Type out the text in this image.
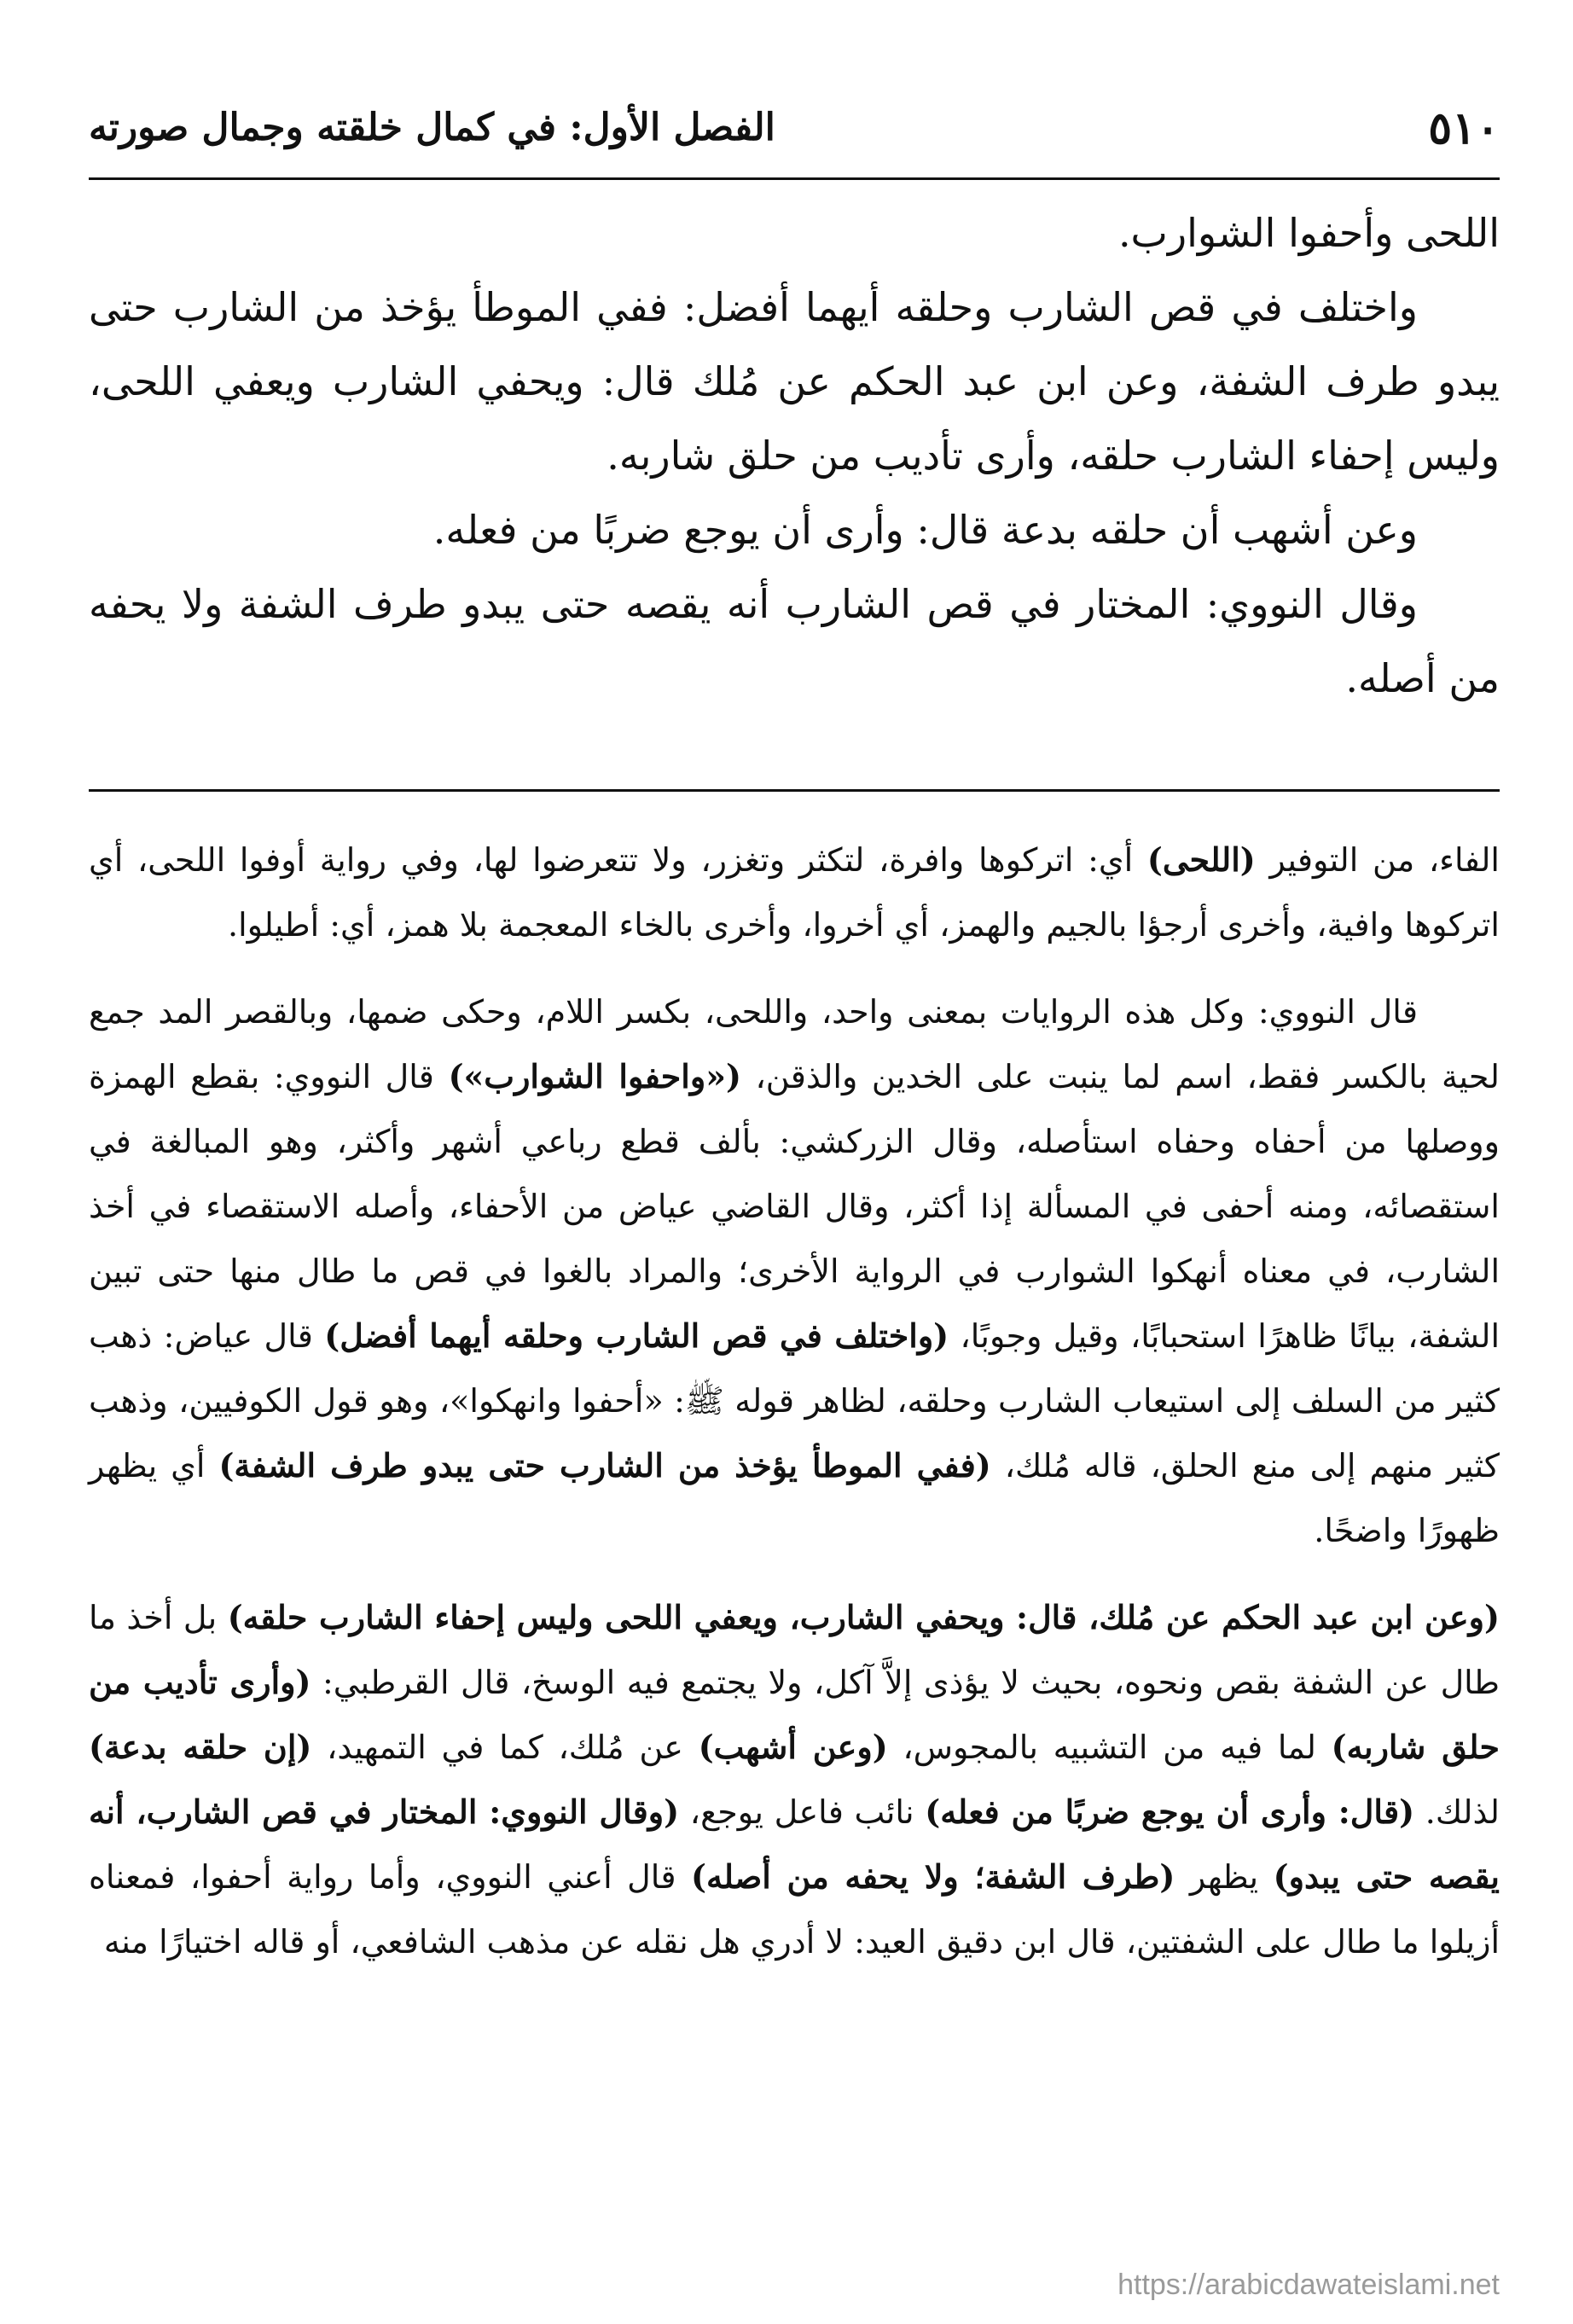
٥١٠
الفصل الأول: في كمال خلقته وجمال صورته

اللحى وأحفوا الشوارب.

واختلف في قص الشارب وحلقه أيهما أفضل: ففي الموطأ يؤخذ من الشارب حتى يبدو طرف الشفة، وعن ابن عبد الحكم عن مُلك قال: ويحفي الشارب ويعفي اللحى، وليس إحفاء الشارب حلقه، وأرى تأديب من حلق شاربه.

وعن أشهب أن حلقه بدعة قال: وأرى أن يوجع ضربًا من فعله.

وقال النووي: المختار في قص الشارب أنه يقصه حتى يبدو طرف الشفة ولا يحفه من أصله.

الفاء، من التوفير (اللحى) أي: اتركوها وافرة، لتكثر وتغزر، ولا تتعرضوا لها، وفي رواية أوفوا اللحى، أي اتركوها وافية، وأخرى أرجؤا بالجيم والهمز، أي أخروا، وأخرى بالخاء المعجمة بلا همز، أي: أطيلوا.

قال النووي: وكل هذه الروايات بمعنى واحد، واللحى، بكسر اللام، وحكى ضمها، وبالقصر المد جمع لحية بالكسر فقط، اسم لما ينبت على الخدين والذقن، («واحفوا الشوارب») قال النووي: بقطع الهمزة ووصلها من أحفاه وحفاه استأصله، وقال الزركشي: بألف قطع رباعي أشهر وأكثر، وهو المبالغة في استقصائه، ومنه أحفى في المسألة إذا أكثر، وقال القاضي عياض من الأحفاء، وأصله الاستقصاء في أخذ الشارب، في معناه أنهكوا الشوارب في الرواية الأخرى؛ والمراد بالغوا في قص ما طال منها حتى تبين الشفة، بيانًا ظاهرًا استحبابًا، وقيل وجوبًا، (واختلف في قص الشارب وحلقه أيهما أفضل) قال عياض: ذهب كثير من السلف إلى استيعاب الشارب وحلقه، لظاهر قوله ﷺ: «أحفوا وانهكوا»، وهو قول الكوفيين، وذهب كثير منهم إلى منع الحلق، قاله مُلك، (ففي الموطأ يؤخذ من الشارب حتى يبدو طرف الشفة) أي يظهر ظهورًا واضحًا.

(وعن ابن عبد الحكم عن مُلك، قال: ويحفي الشارب، ويعفي اللحى وليس إحفاء الشارب حلقه) بل أخذ ما طال عن الشفة بقص ونحوه، بحيث لا يؤذى إلاَّ آكل، ولا يجتمع فيه الوسخ، قال القرطبي: (وأرى تأديب من حلق شاربه) لما فيه من التشبيه بالمجوس، (وعن أشهب) عن مُلك، كما في التمهيد، (إن حلقه بدعة) لذلك. (قال: وأرى أن يوجع ضربًا من فعله) نائب فاعل يوجع، (وقال النووي: المختار في قص الشارب، أنه يقصه حتى يبدو) يظهر (طرف الشفة؛ ولا يحفه من أصله) قال أعني النووي، وأما رواية أحفوا، فمعناه أزيلوا ما طال على الشفتين، قال ابن دقيق العيد: لا أدري هل نقله عن مذهب الشافعي، أو قاله اختيارًا منه

https://arabicdawateislami.net
